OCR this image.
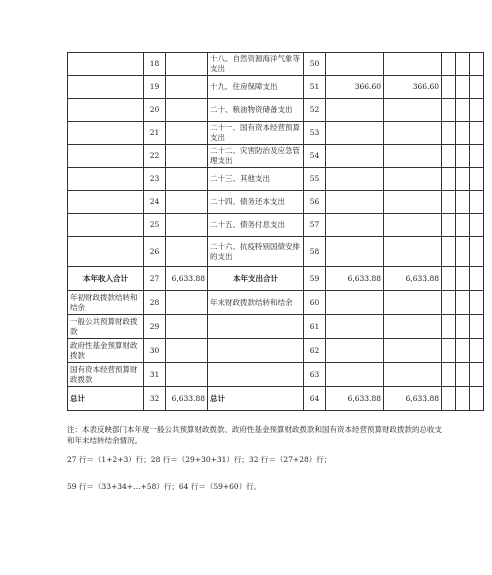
	18		十八、自然资源海洋气象等支出	50					
	19		十九、住房保障支出	51	366.60	366.60			
	20		二十、粮油物资储备支出	52					
	21		二十一、国有资本经营预算支出	53					
	22		二十二、灾害防治及应急管理支出	54					
	23		二十三、其他支出	55					
	24		二十四、债务还本支出	56					
	25		二十五、债务付息支出	57					
	26		二十六、抗疫特别国债安排的支出	58					
本年收入合计	27	6,633.88	本年支出合计	59	6,633.88	6,633.88			
年初财政拨款结转和结余	28		年末财政拨款结转和结余	60					
一般公共预算财政拨款	29			61					
政府性基金预算财政拨款	30			62					
国有资本经营预算财政拨款	31			63					
总计	32	6,633.88	总计	64	6,633.88	6,633.88			
注：本表反映部门本年度一般公共预算财政拨款、政府性基金预算财政拨款和国有资本经营预算财政拨款的总收支和年末结转结余情况。
27 行＝（1+2+3）行；28 行＝（29+30+31）行；32 行＝（27+28）行；
59 行＝（33+34+…+58）行；64 行＝（59+60）行。
